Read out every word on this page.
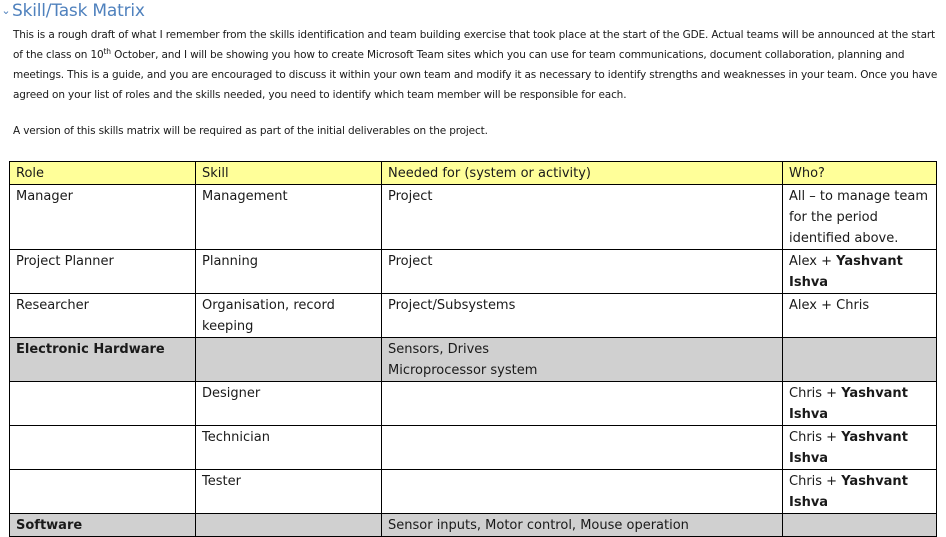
⌄ Skill/Task Matrix
This is a rough draft of what I remember from the skills identification and team building exercise that took place at the start of the GDE. Actual teams will be announced at the start of the class on 10th October, and I will be showing you how to create Microsoft Team sites which you can use for team communications, document collaboration, planning and meetings. This is a guide, and you are encouraged to discuss it within your own team and modify it as necessary to identify strengths and weaknesses in your team. Once you have agreed on your list of roles and the skills needed, you need to identify which team member will be responsible for each.
A version of this skills matrix will be required as part of the initial deliverables on the project.
Role	Skill	Needed for (system or activity)	Who?
Manager	Management	Project	All – to manage team for the period identified above.
Project Planner	Planning	Project	Alex + Yashvant Ishva
Researcher	Organisation, record keeping	Project/Subsystems	Alex + Chris
Electronic Hardware		Sensors, Drives
Microprocessor system	

	Designer		Chris + Yashvant Ishva
	Technician		Chris + Yashvant Ishva
	Tester		Chris + Yashvant Ishva
Software		Sensor inputs, Motor control, Mouse operation	
